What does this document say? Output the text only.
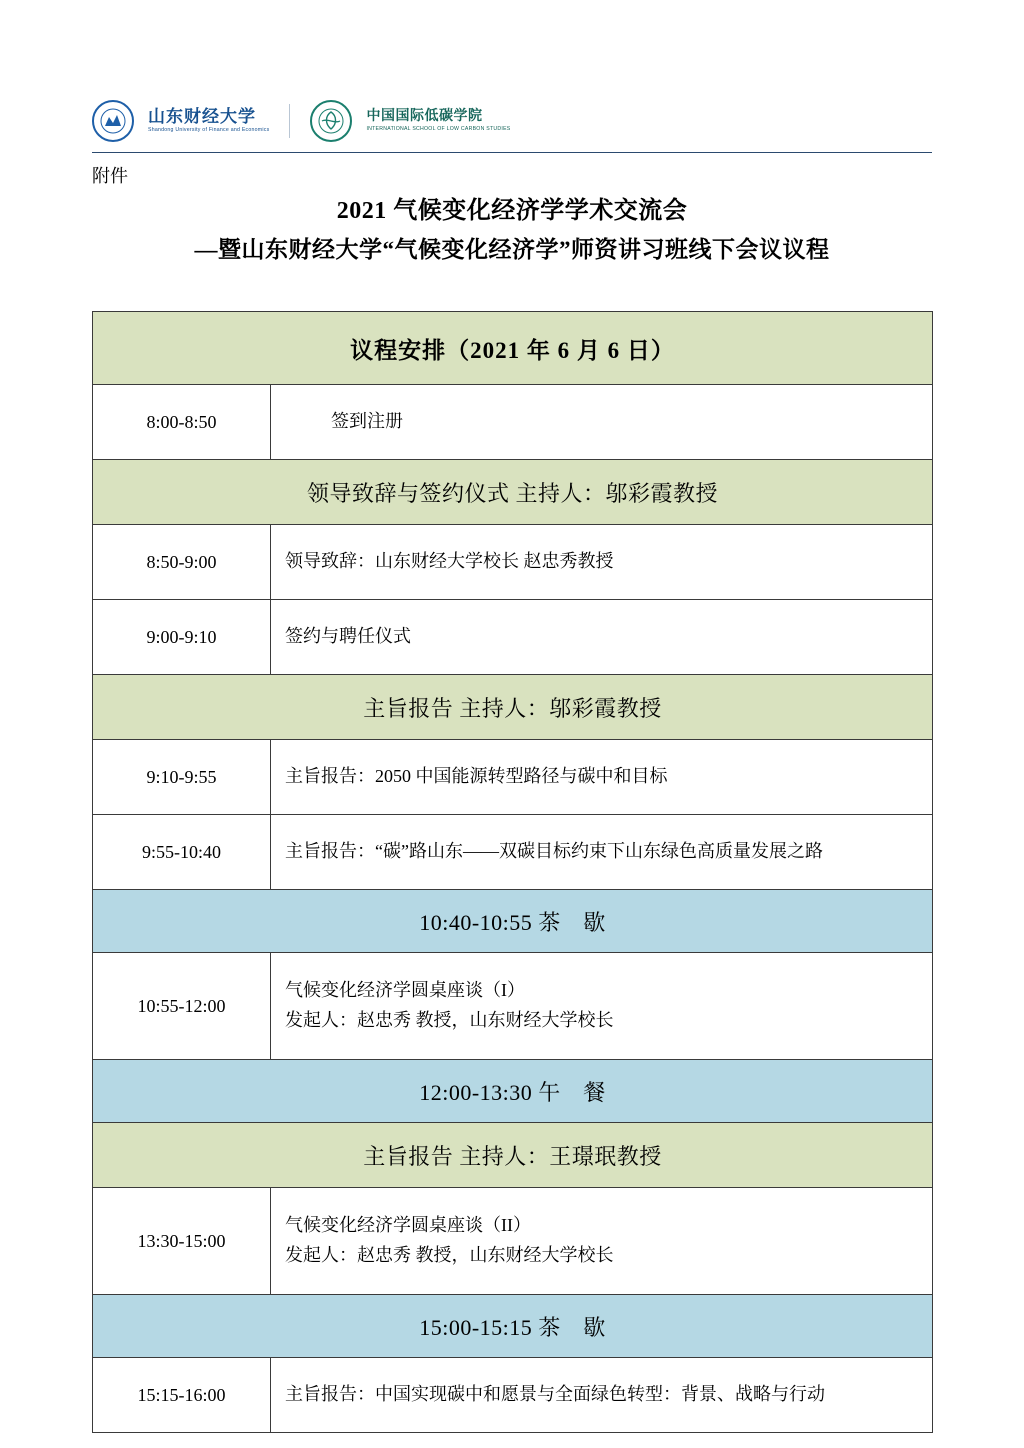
山东财经大学
Shandong University of Finance and Economics
中国国际低碳学院
INTERNATIONAL SCHOOL OF LOW CARBON STUDIES
附件
2021 气候变化经济学学术交流会
—暨山东财经大学“气候变化经济学”师资讲习班线下会议议程
议程安排（2021 年 6 月 6 日）	
8:00-8:50	签到注册
领导致辞与签约仪式 主持人：邬彩霞教授	
8:50-9:00	领导致辞：山东财经大学校长 赵忠秀教授
9:00-9:10	签约与聘任仪式
主旨报告 主持人：邬彩霞教授	
9:10-9:55	主旨报告：2050 中国能源转型路径与碳中和目标
9:55-10:40	主旨报告：“碳”路山东——双碳目标约束下山东绿色高质量发展之路
10:40-10:55 茶　歇	
10:55-12:00	气候变化经济学圆桌座谈（I）
发起人：赵忠秀 教授，山东财经大学校长

12:00-13:30 午　餐	
主旨报告 主持人：王璟珉教授	
13:30-15:00	气候变化经济学圆桌座谈（II）
发起人：赵忠秀 教授，山东财经大学校长

15:00-15:15 茶　歇	
15:15-16:00	主旨报告：中国实现碳中和愿景与全面绿色转型：背景、战略与行动
